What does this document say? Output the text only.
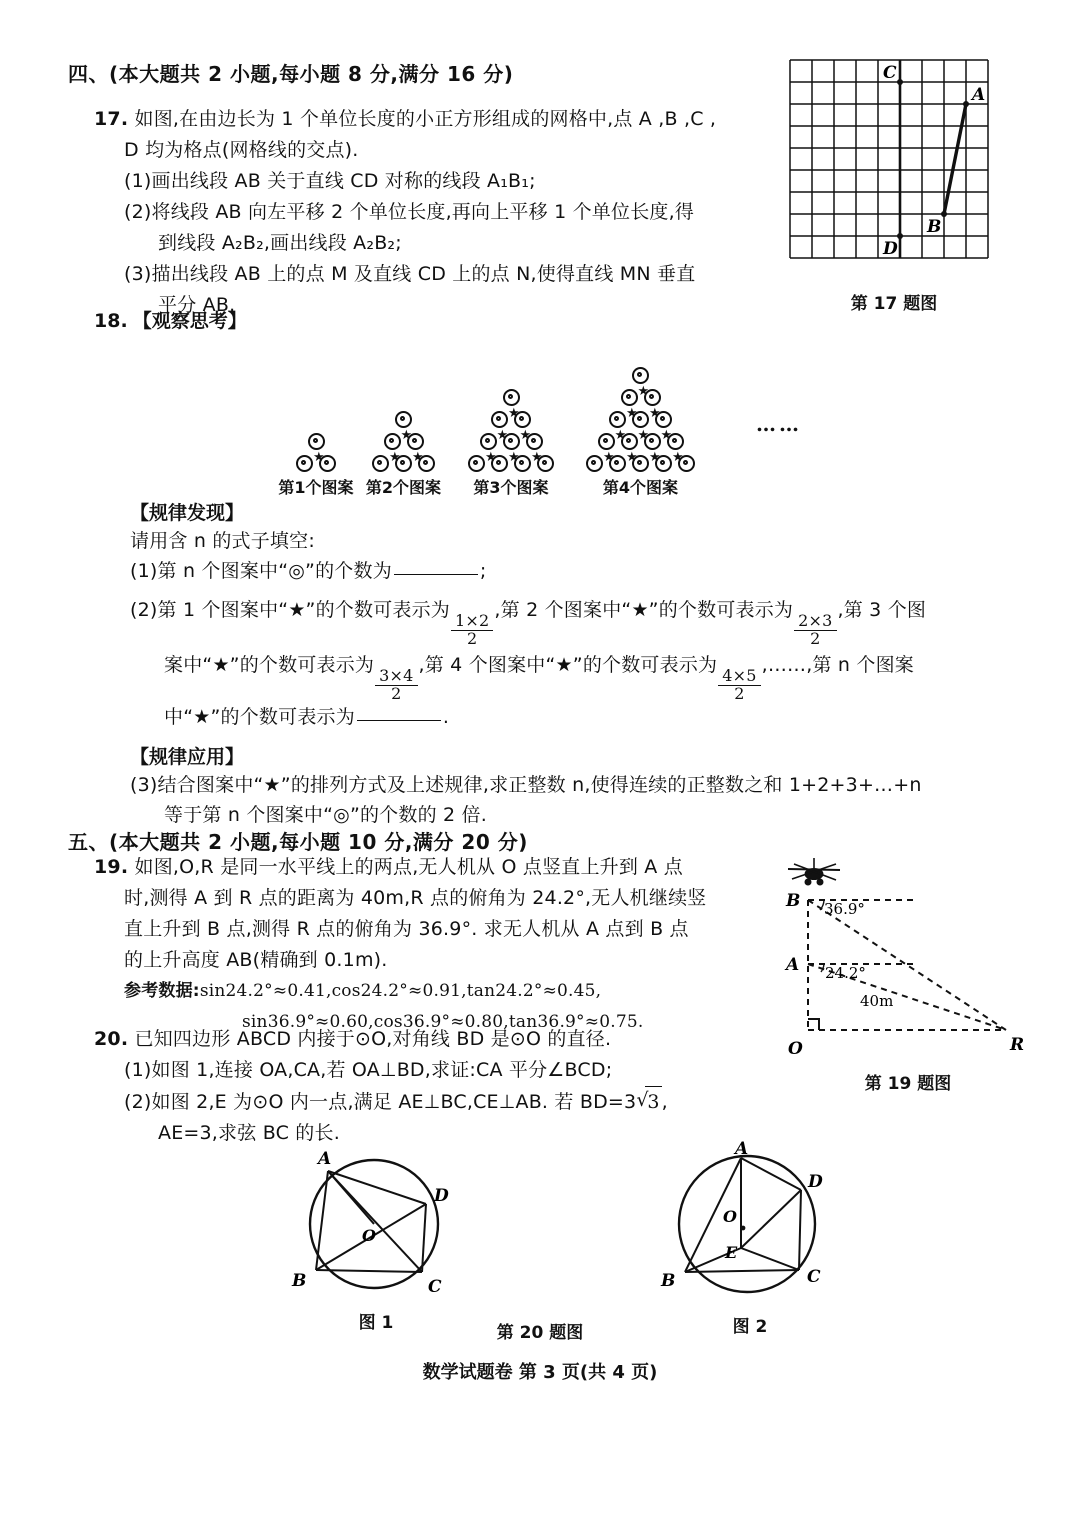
四、(本大题共 2 小题,每小题 8 分,满分 16 分)
17. 如图,在由边长为 1 个单位长度的小正方形组成的网格中,点 A ,B ,C ,
D 均为格点(网格线的交点).
(1)画出线段 AB 关于直线 CD 对称的线段 A₁B₁;
(2)将线段 AB 向左平移 2 个单位长度,再向上平移 1 个单位长度,得
到线段 A₂B₂,画出线段 A₂B₂;
(3)描出线段 AB 上的点 M 及直线 CD 上的点 N,使得直线 MN 垂直
平分 AB.
C
D
A
B
第 17 题图
18. 【观察思考】
……
★
第1个图案
★
★ ★
第2个图案
★
★ ★
★ ★ ★
第3个图案
★
★ ★
★ ★ ★
★ ★ ★ ★
第4个图案
【规律发现】
请用含 n 的式子填空:
(1)第 n 个图案中“◎”的个数为	;
(2)第 1 个图案中“★”的个数可表示为
$\frac{1\times 2}{2}$
,第 2 个图案中“★”的个数可表示为
$\frac{2\times 3}{2}$
,第 3 个图
案中“★”的个数可表示为
$\frac{3\times 4}{2}$
,第 4 个图案中“★”的个数可表示为
$\frac{4\times 5}{2}$
,……,第 n 个图案
中“★”的个数可表示为	.
【规律应用】
(3)结合图案中“★”的排列方式及上述规律,求正整数 n,使得连续的正整数之和 1+2+3+…+n
等于第 n 个图案中“◎”的个数的 2 倍.
五、(本大题共 2 小题,每小题 10 分,满分 20 分)
19. 如图,O,R 是同一水平线上的两点,无人机从 O 点竖直上升到 A 点
时,测得 A 到 R 点的距离为 40m,R 点的俯角为 24.2°,无人机继续竖
直上升到 B 点,测得 R 点的俯角为 36.9°. 求无人机从 A 点到 B 点
的上升高度 AB(精确到 0.1m).
参考数据:sin24.2°≈0.41,cos24.2°≈0.91,tan24.2°≈0.45,
sin36.9°≈0.60,cos36.9°≈0.80,tan36.9°≈0.75.
B
A
O	R
36.9°
24.2°
40m
第 19 题图
20. 已知四边形 ABCD 内接于⊙O,对角线 BD 是⊙O 的直径.
(1)如图 1,连接 OA,CA,若 OA⊥BD,求证:CA 平分∠BCD;
(2)如图 2,E 为⊙O 内一点,满足 AE⊥BC,CE⊥AB. 若 BD=3 √ 3 ,
AE=3,求弦 BC 的长.
A
D
C
B
O
图 1
A
D
C
B
O
E
图 2
第 20 题图
数学试题卷 第 3 页(共 4 页)
